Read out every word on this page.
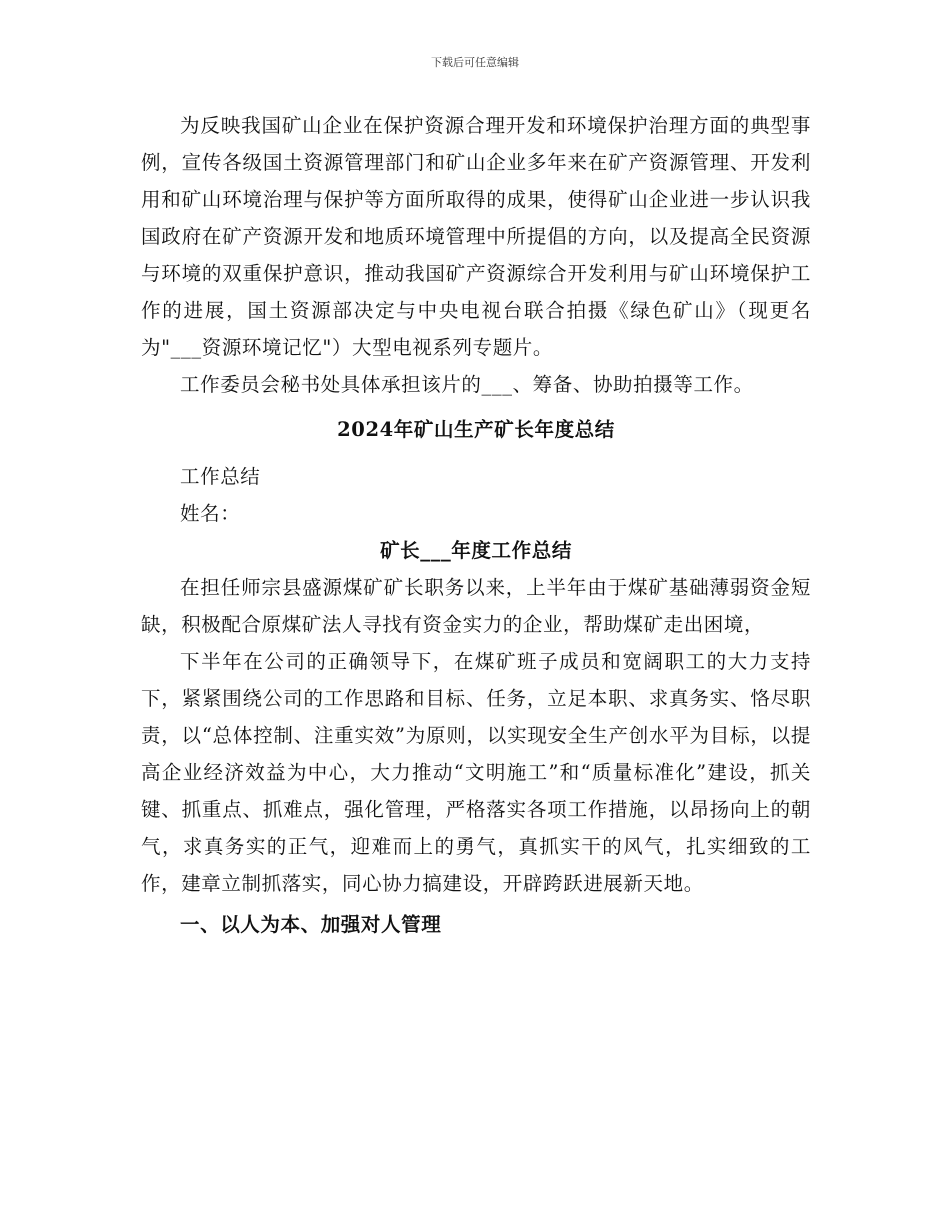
下载后可任意编辑

为反映我国矿山企业在保护资源合理开发和环境保护治理方面的典型事例，宣传各级国土资源管理部门和矿山企业多年来在矿产资源管理、开发利用和矿山环境治理与保护等方面所取得的成果，使得矿山企业进一步认识我国政府在矿产资源开发和地质环境管理中所提倡的方向，以及提高全民资源与环境的双重保护意识，推动我国矿产资源综合开发利用与矿山环境保护工作的进展，国土资源部决定与中央电视台联合拍摄《绿色矿山》（现更名为"___资源环境记忆"）大型电视系列专题片。

工作委员会秘书处具体承担该片的___、筹备、协助拍摄等工作。

2024年矿山生产矿长年度总结
工作总结
姓名：
矿长___年度工作总结

在担任师宗县盛源煤矿矿长职务以来，上半年由于煤矿基础薄弱资金短缺，积极配合原煤矿法人寻找有资金实力的企业，帮助煤矿走出困境，

下半年在公司的正确领导下，在煤矿班子成员和宽阔职工的大力支持下，紧紧围绕公司的工作思路和目标、任务，立足本职、求真务实、恪尽职责，以“总体控制、注重实效”为原则，以实现安全生产创水平为目标，以提高企业经济效益为中心，大力推动“文明施工”和“质量标准化”建设，抓关键、抓重点、抓难点，强化管理，严格落实各项工作措施，以昂扬向上的朝气，求真务实的正气，迎难而上的勇气，真抓实干的风气，扎实细致的工作，建章立制抓落实，同心协力搞建设，开辟跨跃进展新天地。

一、以人为本、加强对人管理
